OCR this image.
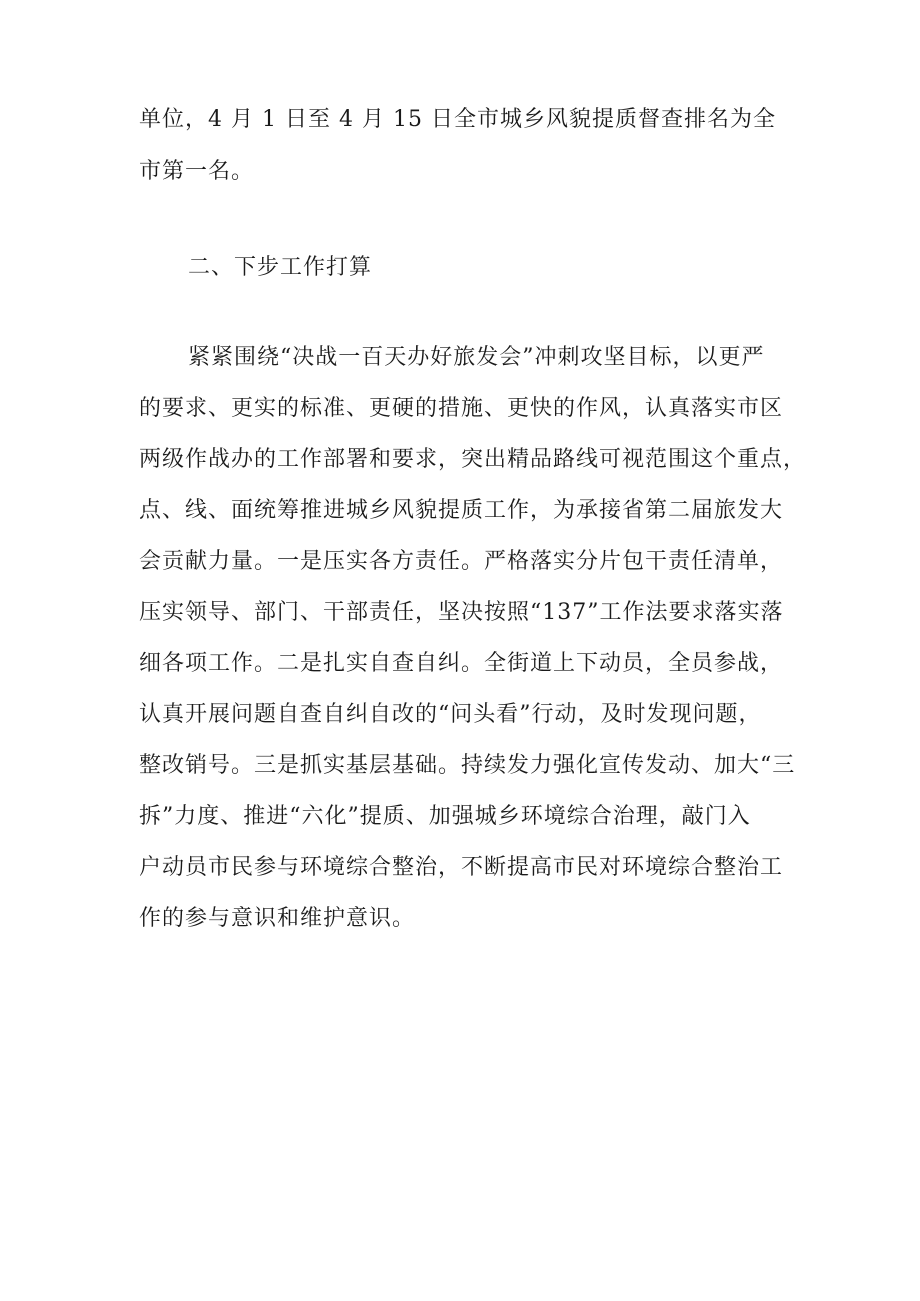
单位，4 月 1 日至 4 月 15 日全市城乡风貌提质督查排名为全
市第一名。
二、下步工作打算
紧紧围绕“决战一百天办好旅发会”冲刺攻坚目标，以更严
的要求、更实的标准、更硬的措施、更快的作风，认真落实市区
两级作战办的工作部署和要求，突出精品路线可视范围这个重点，
点、线、面统筹推进城乡风貌提质工作，为承接省第二届旅发大
会贡献力量。一是压实各方责任。严格落实分片包干责任清单，
压实领导、部门、干部责任，坚决按照“137”工作法要求落实落
细各项工作。二是扎实自查自纠。全街道上下动员，全员参战，
认真开展问题自查自纠自改的“问头看”行动，及时发现问题，
整改销号。三是抓实基层基础。持续发力强化宣传发动、加大“三
拆”力度、推进“六化”提质、加强城乡环境综合治理，敲门入
户动员市民参与环境综合整治，不断提高市民对环境综合整治工
作的参与意识和维护意识。
